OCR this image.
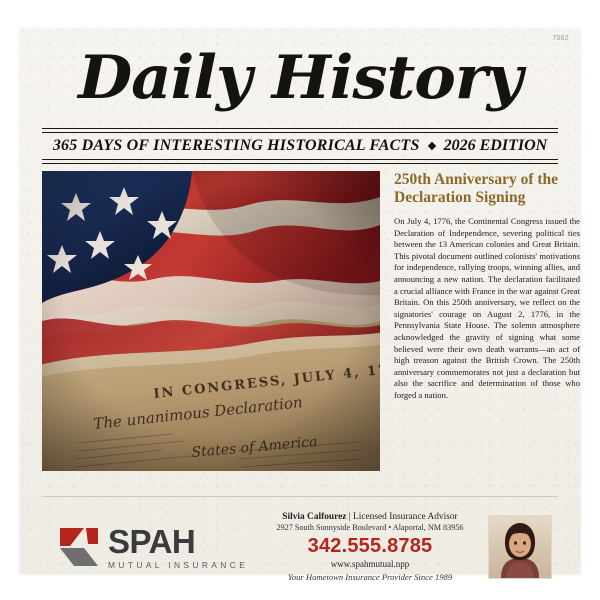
7062
Daily History
365 DAYS OF INTERESTING HISTORICAL FACTS 2026 EDITION
250th Anniversary of the Declaration Signing

On July 4, 1776, the Continental Congress issued the Declaration of Independence, severing political ties between the 13 American colonies and Great Britain. This pivotal document outlined colonists' motivations for independence, rallying troops, winning allies, and announcing a new nation. The declaration facilitated a crucial alliance with France in the war against Great Britain. On this 250th anniversary, we reflect on the signatories' courage on August 2, 1776, in the Pennsylvania State House. The solemn atmosphere acknowledged the gravity of signing what some believed were their own death warrants—an act of high treason against the British Crown. The 250th anniversary commemorates not just a declaration but also the sacrifice and determination of those who forged a nation.

SPAH
MUTUAL INSURANCE
Silvia Calfourez | Licensed Insurance Advisor
2927 South Sunnyside Boulevard • Alaportal, NM 83956
342.555.8785
www.spahmutual.npp
Your Hometown Insurance Provider Since 1989
